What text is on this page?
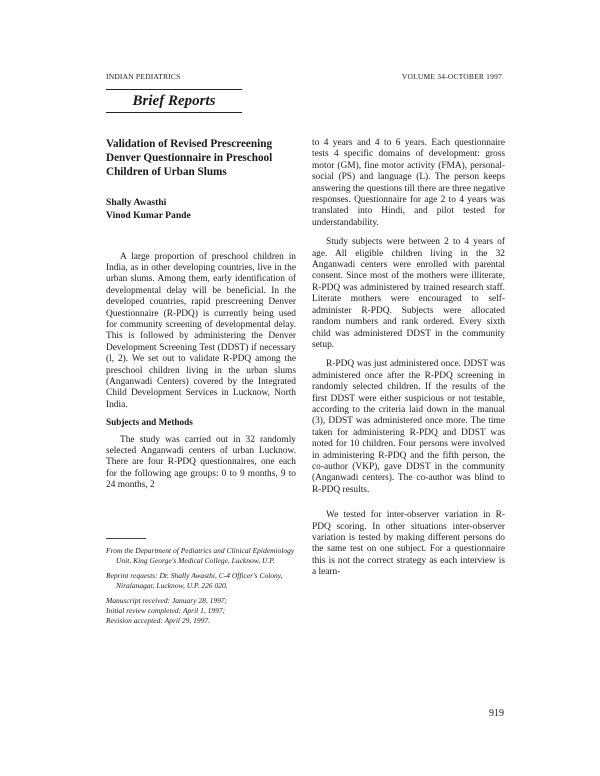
INDIAN PEDIATRICS	VOLUME 34-OCTOBER 1997
Brief Reports
Validation of Revised Prescreening Denver Questionnaire in Preschool Children of Urban Slums
Shally Awasthi
Vinod Kumar Pande

A large proportion of preschool children in India, as in other developing countries, live in the urban slums. Among them, early identification of developmental delay will be beneficial. In the developed countries, rapid prescreening Denver Questionnaire (R-PDQ) is currently being used for community screening of developmental delay. This is followed by administering the Denver Development Screening Test (DDST) if necessary (l, 2). We set out to validate R-PDQ among the preschool children living in the urban slums (Anganwadi Centers) covered by the Integrated Child Development Services in Lucknow, North India.

Subjects and Methods

The study was carried out in 32 randomly selected Anganwadi centers of urban Lucknow. There are four R-PDQ questionnaires, one each for the following age groups: 0 to 9 months, 9 to 24 months, 2

From the Department of Pediatrics and Clinical Epidemiology Unit, King George's Medical College, Lucknow, U.P.
Reprint requests: Dr. Shally Awasthi, C-4 Officer's Colony, Niralanagar, Lucknow, U.P. 226 020.
Manuscript received: January 28, 1997;
Initial review completed: April 1, 1997;
Revision accepted: April 29, 1997.

to 4 years and 4 to 6 years. Each questionnaire tests 4 specific domains of development: gross motor (GM), fine motor activity (FMA), personal-social (PS) and language (L). The person keeps answering the questions till there are three negative responses. Questionnaire for age 2 to 4 years was translated into Hindi, and pilot tested for understandability.

Study subjects were between 2 to 4 years of age. All eligible children living in the 32 Anganwadi centers were enrolled with parental consent. Since most of the mothers were illiterate, R-PDQ was administered by trained research staff. Literate mothers were encouraged to self-administer R-PDQ. Subjects were allocated random numbers and rank ordered. Every sixth child was administered DDST in the community setup.

R-PDQ was just administered once. DDST was administered once after the R-PDQ screening in randomly selected children. If the results of the first DDST were either suspicious or not testable, according to the criteria laid down in the manual (3), DDST was administered once more. The time taken for administering R-PDQ and DDST was noted for 10 children. Four persons were involved in administering R-PDQ and the fifth person, the co-author (VKP), gave DDST in the community (Anganwadi centers). The co-author was blind to R-PDQ results.

We tested for inter-observer variation in R-PDQ scoring. In other situations inter-observer variation is tested by making different persons do the same test on one subject. For a questionnaire this is not the correct strategy as each interview is a learn-

919
